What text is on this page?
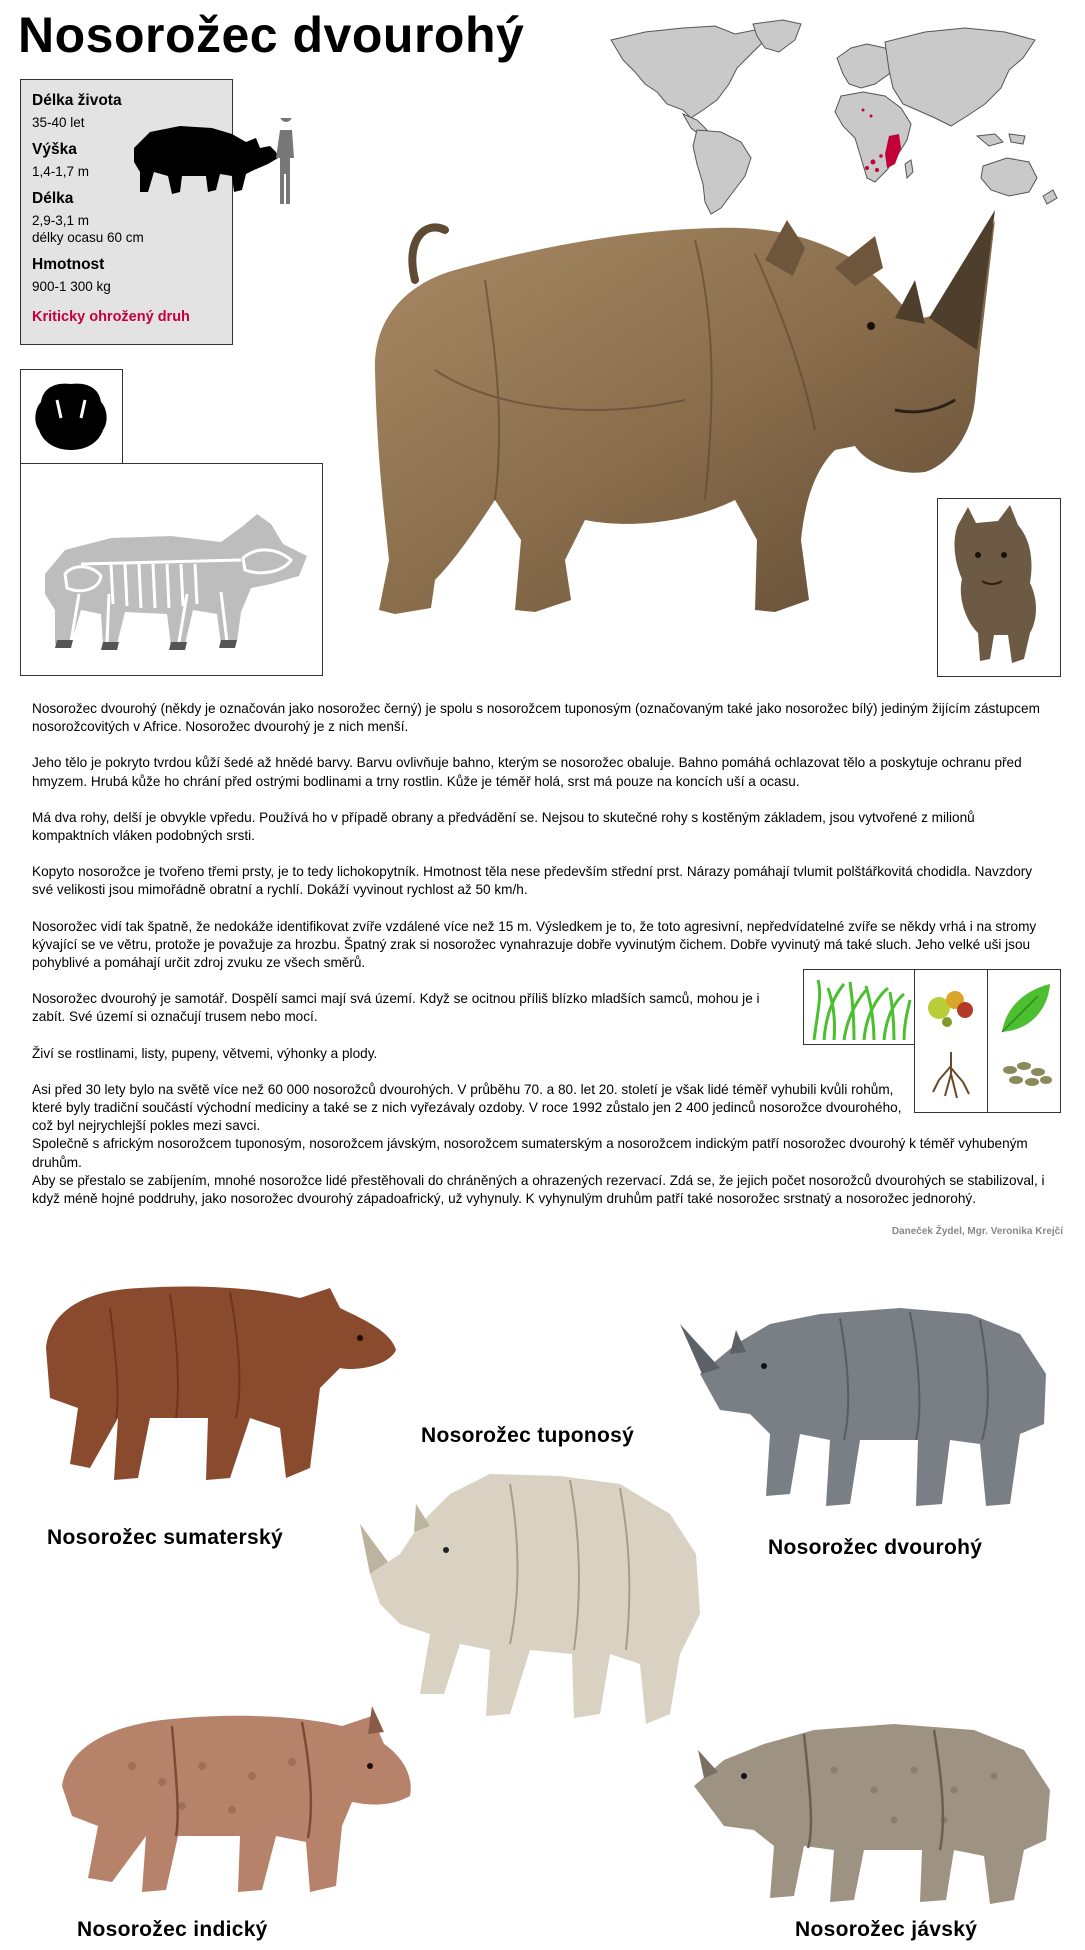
Nosorožec dvourohý
Délka života
35-40 let
Výška
1,4-1,7 m
Délka
2,9-3,1 m
délky ocasu 60 cm
Hmotnost
900-1 300 kg
Kriticky ohrožený druh

Nosorožec dvourohý (někdy je označován jako nosorožec černý) je spolu s nosorožcem tuponosým (označovaným také jako nosorožec bílý) jediným žijícím zástupcem nosorožcovitých v Africe. Nosorožec dvourohý je z nich menší.

Jeho tělo je pokryto tvrdou kůží šedé až hnědé barvy. Barvu ovlivňuje bahno, kterým se nosorožec obaluje. Bahno pomáhá ochlazovat tělo a poskytuje ochranu před hmyzem. Hrubá kůže ho chrání před ostrými bodlinami a trny rostlin. Kůže je téměř holá, srst má pouze na koncích uší a ocasu.

Má dva rohy, delší je obvykle vpředu. Používá ho v případě obrany a předvádění se. Nejsou to skutečné rohy s kostěným základem, jsou vytvořené z milionů kompaktních vláken podobných srsti.

Kopyto nosorožce je tvořeno třemi prsty, je to tedy lichokopytník. Hmotnost těla nese především střední prst. Nárazy pomáhají tvlumit polštářkovitá chodidla. Navzdory své velikosti jsou mimořádně obratní a rychlí. Dokáží vyvinout rychlost až 50 km/h.

Nosorožec vidí tak špatně, že nedokáže identifikovat zvíře vzdálené více než 15 m. Výsledkem je to, že toto agresivní, nepředvídatelné zvíře se někdy vrhá i na stromy kývající se ve větru, protože je považuje za hrozbu. Špatný zrak si nosorožec vynahrazuje dobře vyvinutým čichem. Dobře vyvinutý má také sluch. Jeho velké uši jsou pohyblivé a pomáhají určit zdroj zvuku ze všech směrů.

Nosorožec dvourohý je samotář. Dospělí samci mají svá území. Když se ocitnou příliš blízko mladších samců, mohou je i zabít. Své území si označují trusem nebo mocí.

Živí se rostlinami, listy, pupeny, větvemi, výhonky a plody.

Asi před 30 lety bylo na světě více než 60 000 nosorožců dvourohých. V průběhu 70. a 80. let 20. století je však lidé téměř vyhubili kvůli rohům, které byly tradiční součástí východní mediciny a také se z nich vyřezávaly ozdoby. V roce 1992 zůstalo jen 2 400 jedinců nosorožce dvourohého, což byl nejrychlejší pokles mezi savci.

Společně s africkým nosorožcem tuponosým, nosorožcem jávským, nosorožcem sumaterským a nosorožcem indickým patří nosorožec dvourohý k téměř vyhubeným druhům.

Aby se přestalo se zabíjením, mnohé nosorožce lidé přestěhovali do chráněných a ohrazených rezervací. Zdá se, že jejich počet nosorožců dvourohých se stabilizoval, i když méně hojné poddruhy, jako nosorožec dvourohý západoafrický, už vyhynuly. K vyhynulým druhům patří také nosorožec srstnatý a nosorožec jednorohý.

Daneček Žydel, Mgr. Veronika Krejčí
Nosorožec sumaterský
Nosorožec tuponosý
Nosorožec dvourohý
Nosorožec indický	Nosorožec jávský
